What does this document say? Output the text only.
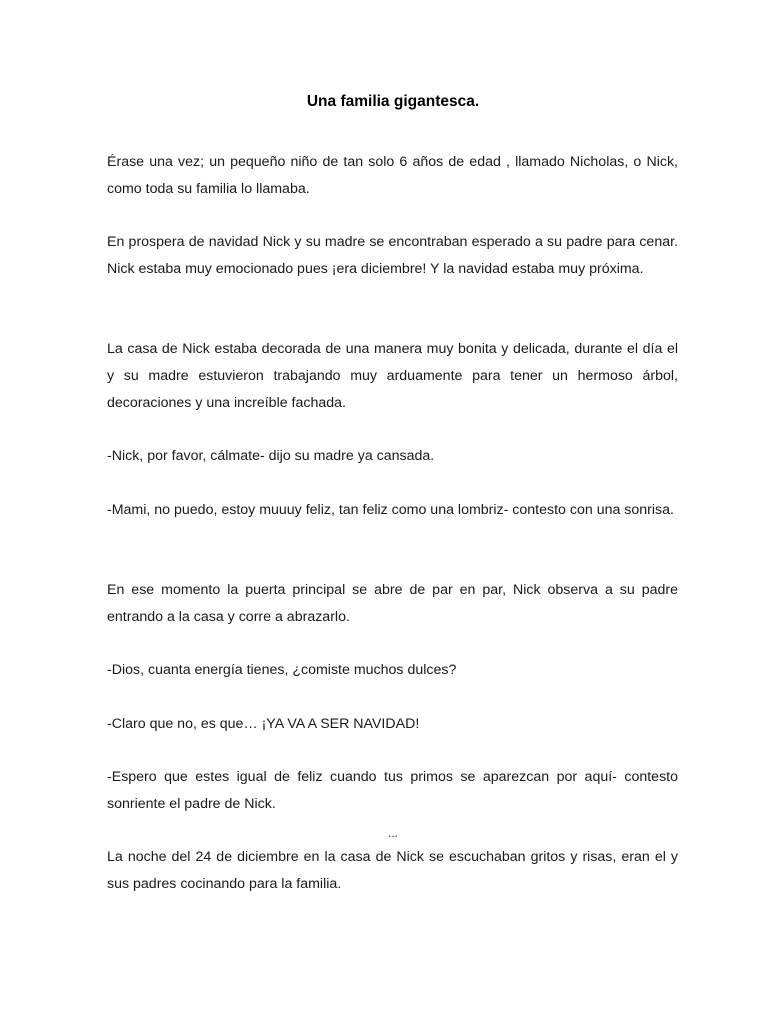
Una familia gigantesca.

Érase una vez; un pequeño niño de tan solo 6 años de edad , llamado Nicholas, o Nick, como toda su familia lo llamaba.

En prospera de navidad Nick y su madre se encontraban esperado a su padre para cenar. Nick estaba muy emocionado pues ¡era diciembre! Y la navidad estaba muy próxima.

La casa de Nick estaba decorada de una manera muy bonita y delicada, durante el día el y su madre estuvieron trabajando muy arduamente para tener un hermoso árbol, decoraciones y una increíble fachada.

-Nick, por favor, cálmate- dijo su madre ya cansada.

-Mami, no puedo, estoy muuuy feliz, tan feliz como una lombriz- contesto con una sonrisa.

En ese momento la puerta principal se abre de par en par, Nick observa a su padre entrando a la casa y corre a abrazarlo.

-Dios, cuanta energía tienes, ¿comiste muchos dulces?

-Claro que no, es que… ¡YA VA A SER NAVIDAD!

-Espero que estes igual de feliz cuando tus primos se aparezcan por aquí- contesto sonriente el padre de Nick.

...

La noche del 24 de diciembre en la casa de Nick se escuchaban gritos y risas, eran el y sus padres cocinando para la familia.
